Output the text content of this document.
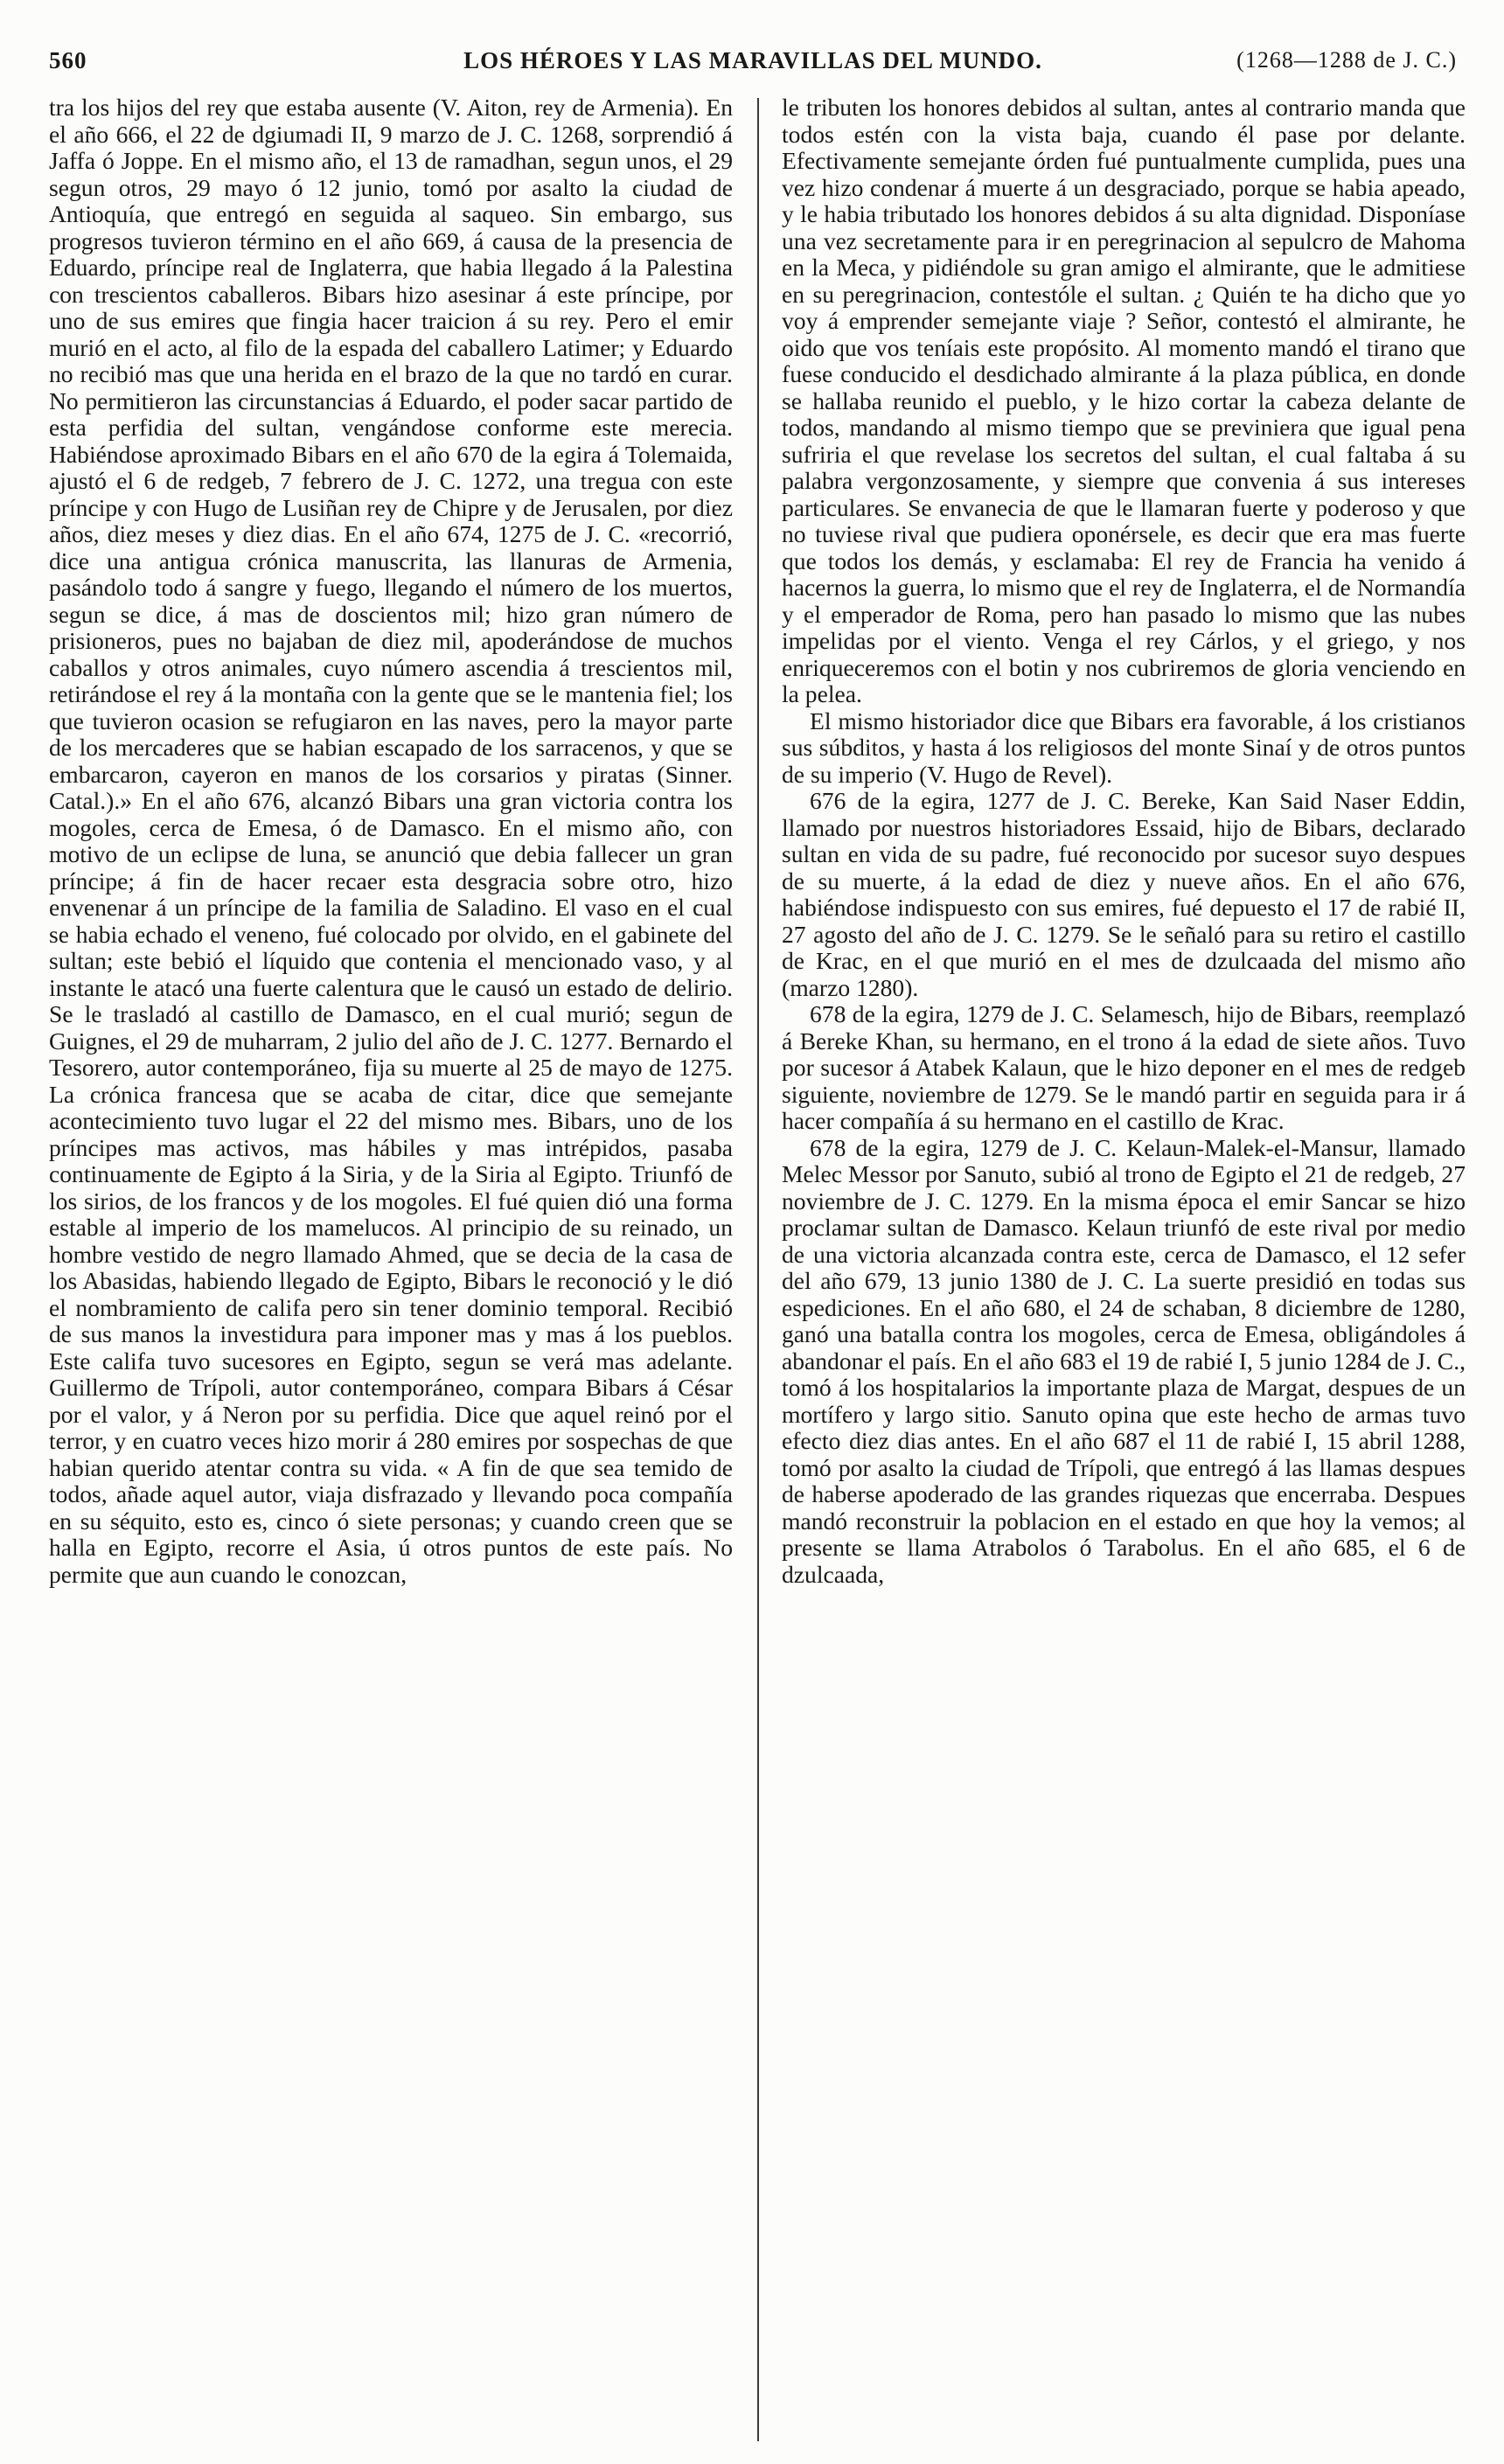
560	LOS HÉROES Y LAS MARAVILLAS DEL MUNDO.	(1268—1288 de J. C.)

tra los hijos del rey que estaba ausente (V. Aiton, rey de Armenia). En el año 666, el 22 de dgiumadi II, 9 marzo de J. C. 1268, sorprendió á Jaffa ó Joppe. En el mismo año, el 13 de ramadhan, segun unos, el 29 segun otros, 29 mayo ó 12 junio, tomó por asalto la ciudad de Antioquía, que entregó en seguida al saqueo. Sin embargo, sus progresos tuvieron término en el año 669, á causa de la presencia de Eduardo, príncipe real de Inglaterra, que habia llegado á la Palestina con trescientos caballeros. Bibars hizo asesinar á este príncipe, por uno de sus emires que fingia hacer traicion á su rey. Pero el emir murió en el acto, al filo de la espada del caballero Latimer; y Eduardo no recibió mas que una herida en el brazo de la que no tardó en curar. No permitieron las circunstancias á Eduardo, el poder sacar partido de esta perfidia del sultan, vengándose conforme este merecia. Habiéndose aproximado Bibars en el año 670 de la egira á Tolemaida, ajustó el 6 de redgeb, 7 febrero de J. C. 1272, una tregua con este príncipe y con Hugo de Lusiñan rey de Chipre y de Jerusalen, por diez años, diez meses y diez dias. En el año 674, 1275 de J. C. «recorrió, dice una antigua crónica manuscrita, las llanuras de Armenia, pasándolo todo á sangre y fuego, llegando el número de los muertos, segun se dice, á mas de doscientos mil; hizo gran número de prisioneros, pues no bajaban de diez mil, apoderándose de muchos caballos y otros animales, cuyo número ascendia á trescientos mil, retirándose el rey á la montaña con la gente que se le mantenia fiel; los que tuvieron ocasion se refugiaron en las naves, pero la mayor parte de los mercaderes que se habian escapado de los sarracenos, y que se embarcaron, cayeron en manos de los corsarios y piratas (Sinner. Catal.).» En el año 676, alcanzó Bibars una gran victoria contra los mogoles, cerca de Emesa, ó de Damasco. En el mismo año, con motivo de un eclipse de luna, se anunció que debia fallecer un gran príncipe; á fin de hacer recaer esta desgracia sobre otro, hizo envenenar á un príncipe de la familia de Saladino. El vaso en el cual se habia echado el veneno, fué colocado por olvido, en el gabinete del sultan; este bebió el líquido que contenia el mencionado vaso, y al instante le atacó una fuerte calentura que le causó un estado de delirio. Se le trasladó al castillo de Damasco, en el cual murió; segun de Guignes, el 29 de muharram, 2 julio del año de J. C. 1277. Bernardo el Tesorero, autor contemporáneo, fija su muerte al 25 de mayo de 1275. La crónica francesa que se acaba de citar, dice que semejante acontecimiento tuvo lugar el 22 del mismo mes. Bibars, uno de los príncipes mas activos, mas hábiles y mas intrépidos, pasaba continuamente de Egipto á la Siria, y de la Siria al Egipto. Triunfó de los sirios, de los francos y de los mogoles. El fué quien dió una forma estable al imperio de los mamelucos. Al principio de su reinado, un hombre vestido de negro llamado Ahmed, que se decia de la casa de los Abasidas, habiendo llegado de Egipto, Bibars le reconoció y le dió el nombramiento de califa pero sin tener dominio temporal. Recibió de sus manos la investidura para imponer mas y mas á los pueblos. Este califa tuvo sucesores en Egipto, segun se verá mas adelante. Guillermo de Trípoli, autor contemporáneo, compara Bibars á César por el valor, y á Neron por su perfidia. Dice que aquel reinó por el terror, y en cuatro veces hizo morir á 280 emires por sospechas de que habian querido atentar contra su vida. « A fin de que sea temido de todos, añade aquel autor, viaja disfrazado y llevando poca compañía en su séquito, esto es, cinco ó siete personas; y cuando creen que se halla en Egipto, recorre el Asia, ú otros puntos de este país. No permite que aun cuando le conozcan,

le tributen los honores debidos al sultan, antes al contrario manda que todos estén con la vista baja, cuando él pase por delante. Efectivamente semejante órden fué puntualmente cumplida, pues una vez hizo condenar á muerte á un desgraciado, porque se habia apeado, y le habia tributado los honores debidos á su alta dignidad. Disponíase una vez secretamente para ir en peregrinacion al sepulcro de Mahoma en la Meca, y pidiéndole su gran amigo el almirante, que le admitiese en su peregrinacion, contestóle el sultan. ¿ Quién te ha dicho que yo voy á emprender semejante viaje ? Señor, contestó el almirante, he oido que vos teníais este propósito. Al momento mandó el tirano que fuese conducido el desdichado almirante á la plaza pública, en donde se hallaba reunido el pueblo, y le hizo cortar la cabeza delante de todos, mandando al mismo tiempo que se previniera que igual pena sufriria el que revelase los secretos del sultan, el cual faltaba á su palabra vergonzosamente, y siempre que convenia á sus intereses particulares. Se envanecia de que le llamaran fuerte y poderoso y que no tuviese rival que pudiera oponérsele, es decir que era mas fuerte que todos los demás, y esclamaba: El rey de Francia ha venido á hacernos la guerra, lo mismo que el rey de Inglaterra, el de Normandía y el emperador de Roma, pero han pasado lo mismo que las nubes impelidas por el viento. Venga el rey Cárlos, y el griego, y nos enriqueceremos con el botin y nos cubriremos de gloria venciendo en la pelea.

El mismo historiador dice que Bibars era favorable, á los cristianos sus súbditos, y hasta á los religiosos del monte Sinaí y de otros puntos de su imperio (V. Hugo de Revel).

676 de la egira, 1277 de J. C. Bereke, Kan Said Naser Eddin, llamado por nuestros historiadores Essaid, hijo de Bibars, declarado sultan en vida de su padre, fué reconocido por sucesor suyo despues de su muerte, á la edad de diez y nueve años. En el año 676, habiéndose indispuesto con sus emires, fué depuesto el 17 de rabié II, 27 agosto del año de J. C. 1279. Se le señaló para su retiro el castillo de Krac, en el que murió en el mes de dzulcaada del mismo año (marzo 1280).

678 de la egira, 1279 de J. C. Selamesch, hijo de Bibars, reemplazó á Bereke Khan, su hermano, en el trono á la edad de siete años. Tuvo por sucesor á Atabek Kalaun, que le hizo deponer en el mes de redgeb siguiente, noviembre de 1279. Se le mandó partir en seguida para ir á hacer compañía á su hermano en el castillo de Krac.

678 de la egira, 1279 de J. C. Kelaun-Malek-el-Mansur, llamado Melec Messor por Sanuto, subió al trono de Egipto el 21 de redgeb, 27 noviembre de J. C. 1279. En la misma época el emir Sancar se hizo proclamar sultan de Damasco. Kelaun triunfó de este rival por medio de una victoria alcanzada contra este, cerca de Damasco, el 12 sefer del año 679, 13 junio 1380 de J. C. La suerte presidió en todas sus espediciones. En el año 680, el 24 de schaban, 8 diciembre de 1280, ganó una batalla contra los mogoles, cerca de Emesa, obligándoles á abandonar el país. En el año 683 el 19 de rabié I, 5 junio 1284 de J. C., tomó á los hospitalarios la importante plaza de Margat, despues de un mortífero y largo sitio. Sanuto opina que este hecho de armas tuvo efecto diez dias antes. En el año 687 el 11 de rabié I, 15 abril 1288, tomó por asalto la ciudad de Trípoli, que entregó á las llamas despues de haberse apoderado de las grandes riquezas que encerraba. Despues mandó reconstruir la poblacion en el estado en que hoy la vemos; al presente se llama Atrabolos ó Tarabolus. En el año 685, el 6 de dzulcaada,
